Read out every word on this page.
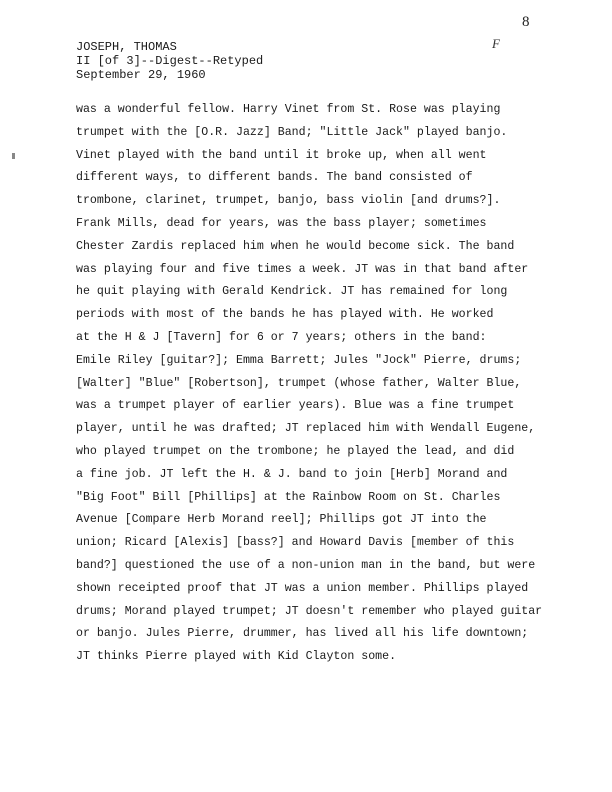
8
F
JOSEPH, THOMAS
II [of 3]--Digest--Retyped
September 29, 1960
was a wonderful fellow. Harry Vinet from St. Rose was playing
trumpet with the [O.R. Jazz] Band; "Little Jack" played banjo.
Vinet played with the band until it broke up, when all went
different ways, to different bands. The band consisted of
trombone, clarinet, trumpet, banjo, bass violin [and drums?].
Frank Mills, dead for years, was the bass player; sometimes
Chester Zardis replaced him when he would become sick. The band
was playing four and five times a week. JT was in that band after
he quit playing with Gerald Kendrick. JT has remained for long
periods with most of the bands he has played with. He worked
at the H & J [Tavern] for 6 or 7 years; others in the band:
Emile Riley [guitar?]; Emma Barrett; Jules "Jock" Pierre, drums;
[Walter] "Blue" [Robertson], trumpet (whose father, Walter Blue,
was a trumpet player of earlier years). Blue was a fine trumpet
player, until he was drafted; JT replaced him with Wendall Eugene,
who played trumpet on the trombone; he played the lead, and did
a fine job. JT left the H. & J. band to join [Herb] Morand and
"Big Foot" Bill [Phillips] at the Rainbow Room on St. Charles
Avenue [Compare Herb Morand reel]; Phillips got JT into the
union; Ricard [Alexis] [bass?] and Howard Davis [member of this
band?] questioned the use of a non-union man in the band, but were
shown receipted proof that JT was a union member. Phillips played
drums; Morand played trumpet; JT doesn't remember who played guitar
or banjo. Jules Pierre, drummer, has lived all his life downtown;
JT thinks Pierre played with Kid Clayton some.
